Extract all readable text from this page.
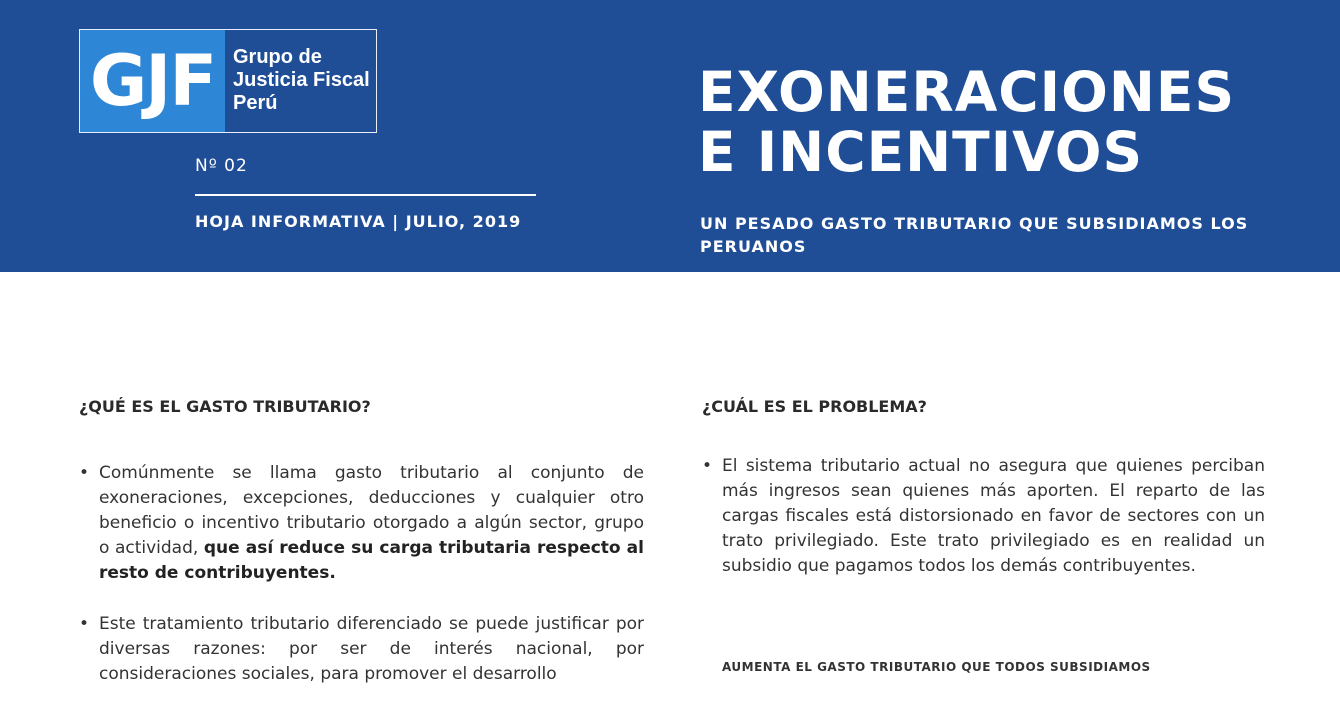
GJF Grupo de
Justicia Fiscal
Perú
Nº 02
HOJA INFORMATIVA | JULIO, 2019
EXONERACIONES
E INCENTIVOS
UN PESADO GASTO TRIBUTARIO QUE SUBSIDIAMOS LOS PERUANOS
¿QUÉ ES EL GASTO TRIBUTARIO?	¿CUÁL ES EL PROBLEMA?
• Comúnmente se llama gasto tributario al conjunto de exoneraciones, excepciones, deducciones y cualquier otro beneficio o incentivo tributario otorgado a algún sector, grupo o actividad, que así reduce su carga tributaria respecto al resto de contribuyentes.
• Este tratamiento tributario diferenciado se puede justificar por diversas razones: por ser de interés nacional, por consideraciones sociales, para promover el desarrollo
• El sistema tributario actual no asegura que quienes perciban más ingresos sean quienes más aporten. El reparto de las cargas fiscales está distorsionado en favor de sectores con un trato privilegiado. Este trato privilegiado es en realidad un subsidio que pagamos todos los demás contribuyentes.
AUMENTA EL GASTO TRIBUTARIO QUE TODOS SUBSIDIAMOS
